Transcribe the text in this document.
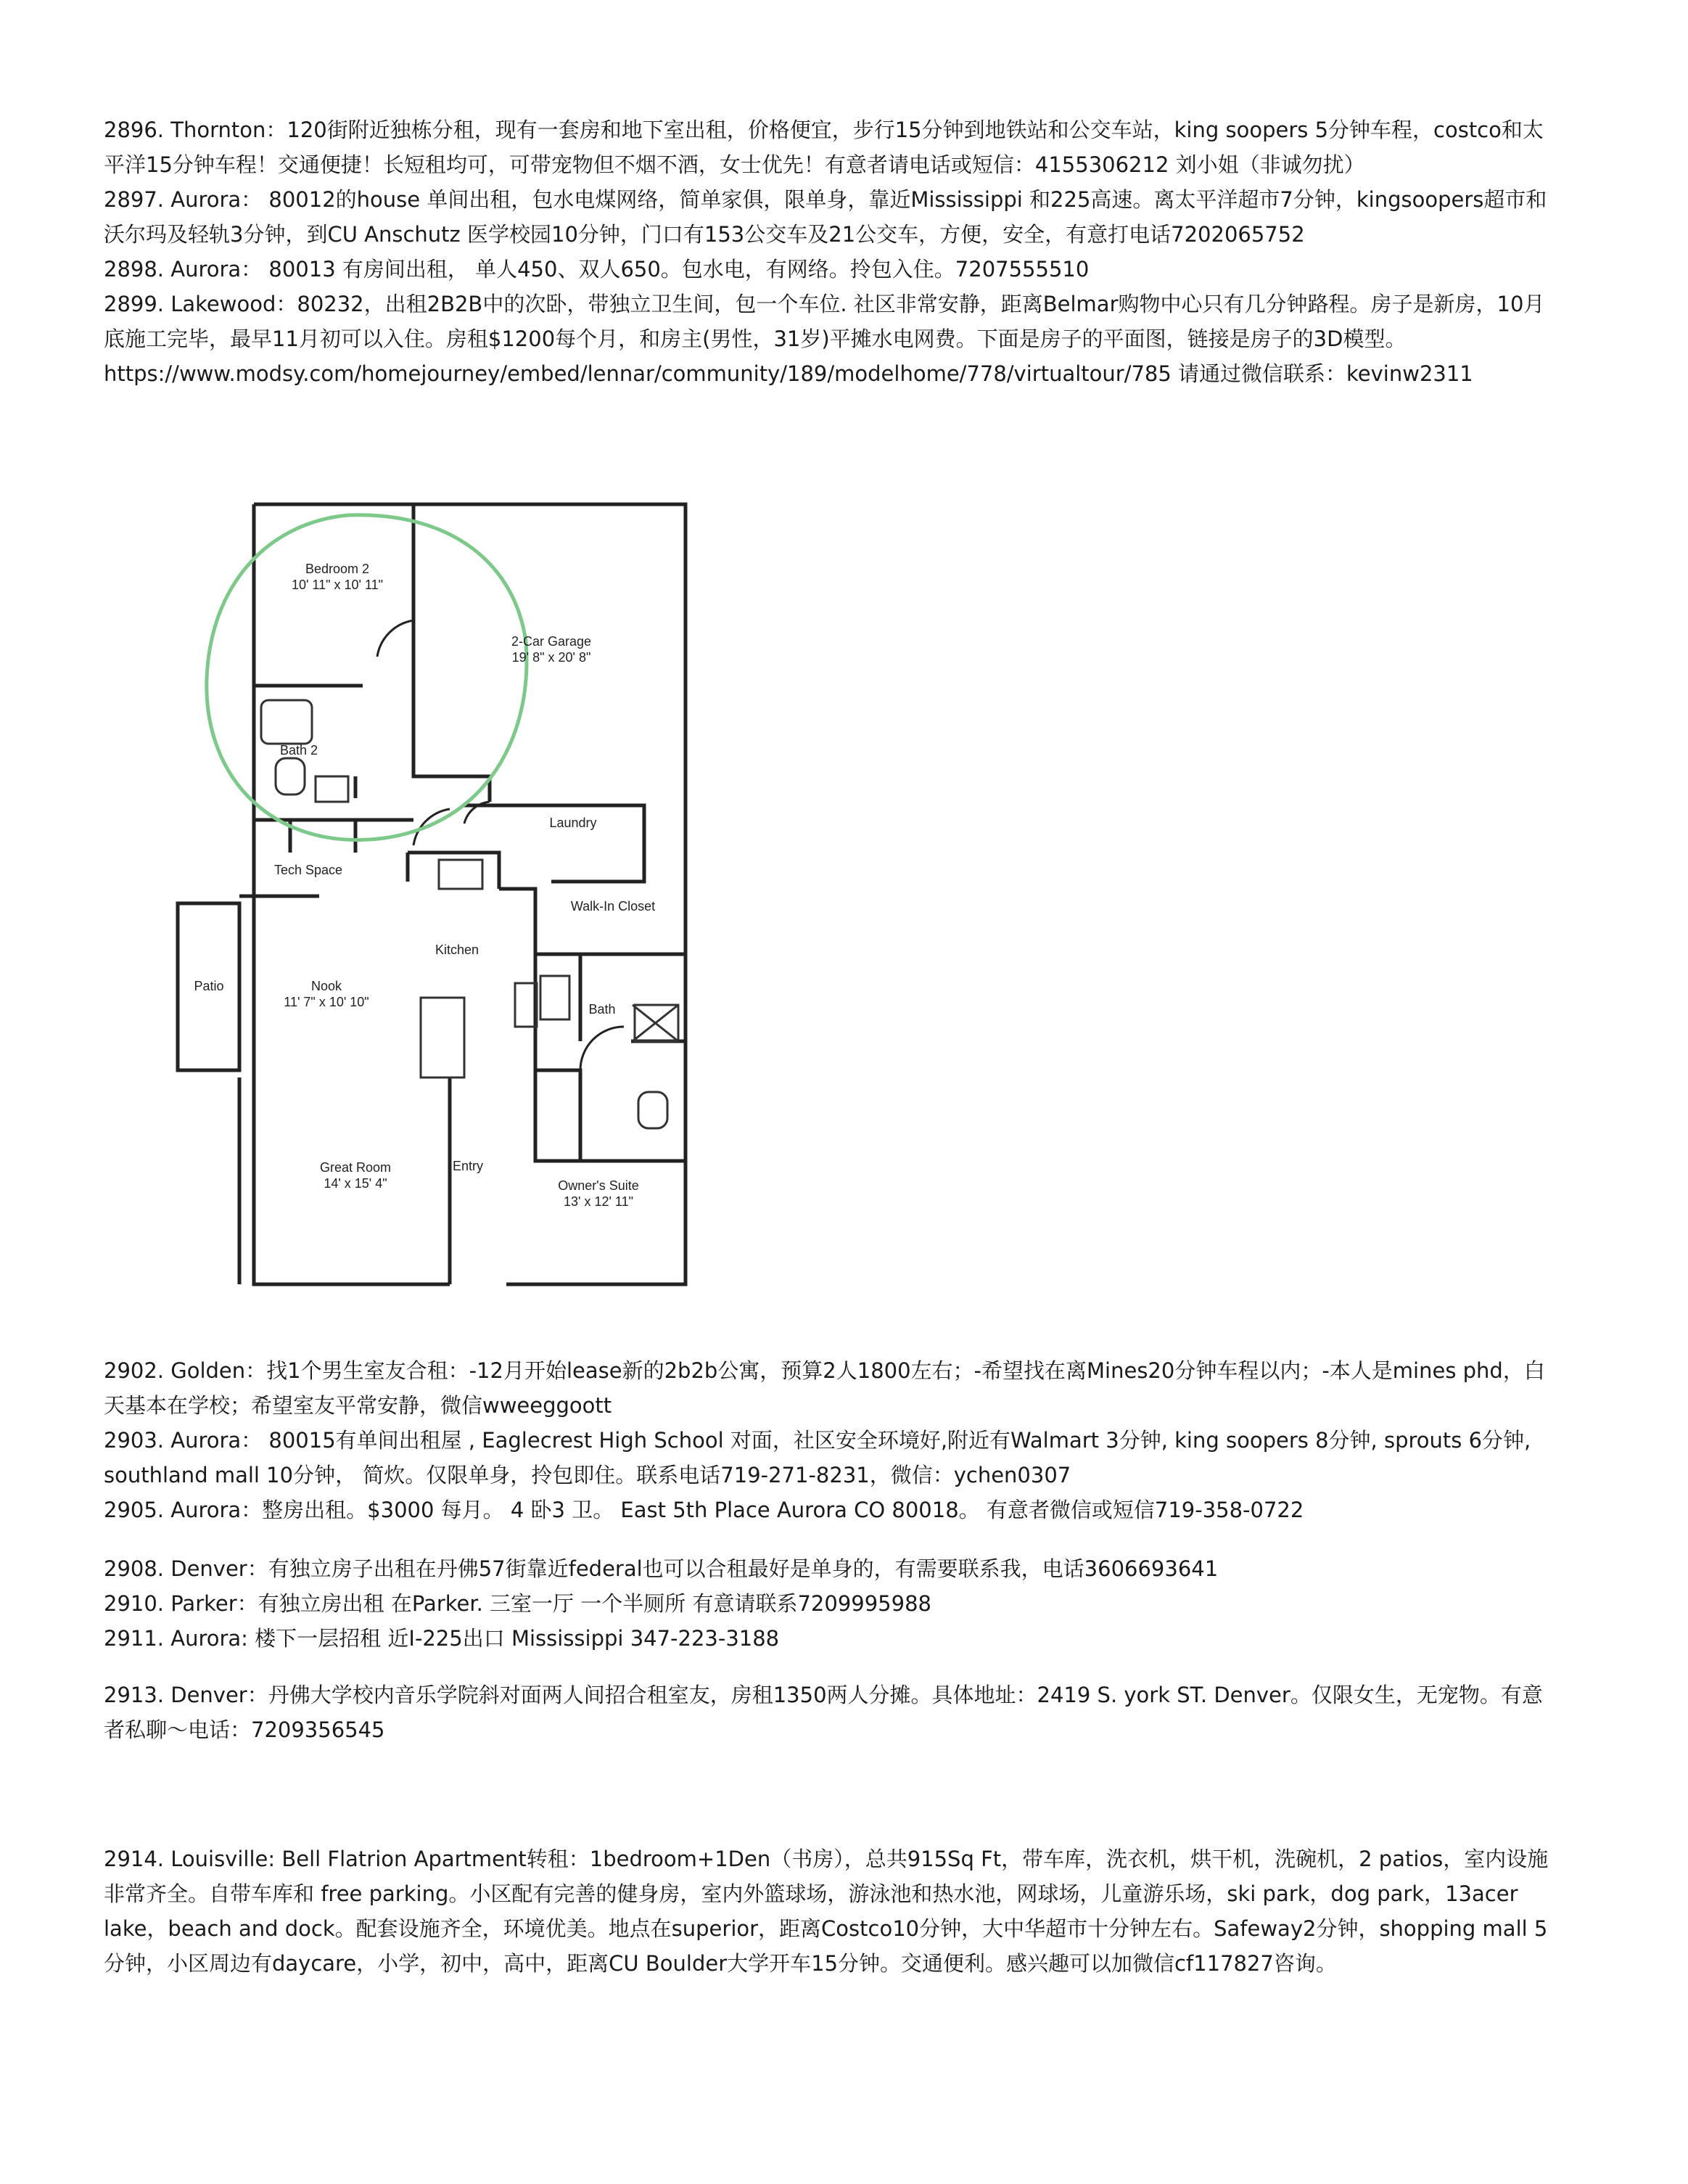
2896. Thornton：120街附近独栋分租，现有一套房和地下室出租，价格便宜，步行15分钟到地铁站和公交车站，king soopers 5分钟车程，costco和太平洋15分钟车程！交通便捷！长短租均可，可带宠物但不烟不酒，女士优先！有意者请电话或短信：4155306212 刘小姐（非诚勿扰）

2897. Aurora： 80012的house 单间出租，包水电煤网络，简单家俱，限单身，靠近Mississippi 和225高速。离太平洋超市7分钟，kingsoopers超市和沃尔玛及轻轨3分钟，到CU Anschutz 医学校园10分钟，门口有153公交车及21公交车，方便，安全，有意打电话7202065752

2898. Aurora： 80013 有房间出租， 单人450、双人650。包水电，有网络。拎包入住。7207555510

2899. Lakewood：80232，出租2B2B中的次卧，带独立卫生间，包一个车位. 社区非常安静，距离Belmar购物中心只有几分钟路程。房子是新房，10月底施工完毕，最早11月初可以入住。房租$1200每个月，和房主(男性，31岁)平摊水电网费。下面是房子的平面图，链接是房子的3D模型。https://www.modsy.com/homejourney/embed/lennar/community/189/modelhome/778/virtualtour/785 请通过微信联系：kevinw2311

Bedroom 2
10' 11" x 10' 11"
2-Car Garage
19' 8" x 20' 8"
Bath 2
Laundry
Tech Space
Walk-In Closet
Kitchen
Patio	Nook
11' 7" x 10' 10"	Bath
Great Room
14' x 15' 4"
Entry
Owner's Suite
13' x 12' 11"

2902. Golden：找1个男生室友合租：-12月开始lease新的2b2b公寓，预算2人1800左右；-希望找在离Mines20分钟车程以内；-本人是mines phd，白天基本在学校；希望室友平常安静，微信wweeggoott

2903. Aurora： 80015有单间出租屋 , Eaglecrest High School 对面，社区安全环境好,附近有Walmart 3分钟, king soopers 8分钟, sprouts 6分钟, southland mall 10分钟， 简炊。仅限单身，拎包即住。联系电话719-271-8231，微信：ychen0307

2905. Aurora：整房出租。$3000 每月。 4 卧3 卫。 East 5th Place Aurora CO 80018。 有意者微信或短信719-358-0722

2908. Denver：有独立房子出租在丹佛57街靠近federal也可以合租最好是单身的，有需要联系我，电话3606693641

2910. Parker：有独立房出租 在Parker. 三室一厅 一个半厕所 有意请联系7209995988

2911. Aurora: 楼下一层招租 近I-225出口 Mississippi 347-223-3188

2913. Denver：丹佛大学校内音乐学院斜对面两人间招合租室友，房租1350两人分摊。具体地址：2419 S. york ST. Denver。仅限女生，无宠物。有意者私聊～电话：7209356545

2914. Louisville: Bell Flatrion Apartment转租：1bedroom+1Den（书房），总共915Sq Ft，带车库，洗衣机，烘干机，洗碗机，2 patios，室内设施非常齐全。自带车库和 free parking。小区配有完善的健身房，室内外篮球场，游泳池和热水池，网球场，儿童游乐场，ski park，dog park，13acer lake，beach and dock。配套设施齐全，环境优美。地点在superior，距离Costco10分钟，大中华超市十分钟左右。Safeway2分钟，shopping mall 5分钟，小区周边有daycare，小学，初中，高中，距离CU Boulder大学开车15分钟。交通便利。感兴趣可以加微信cf117827咨询。
